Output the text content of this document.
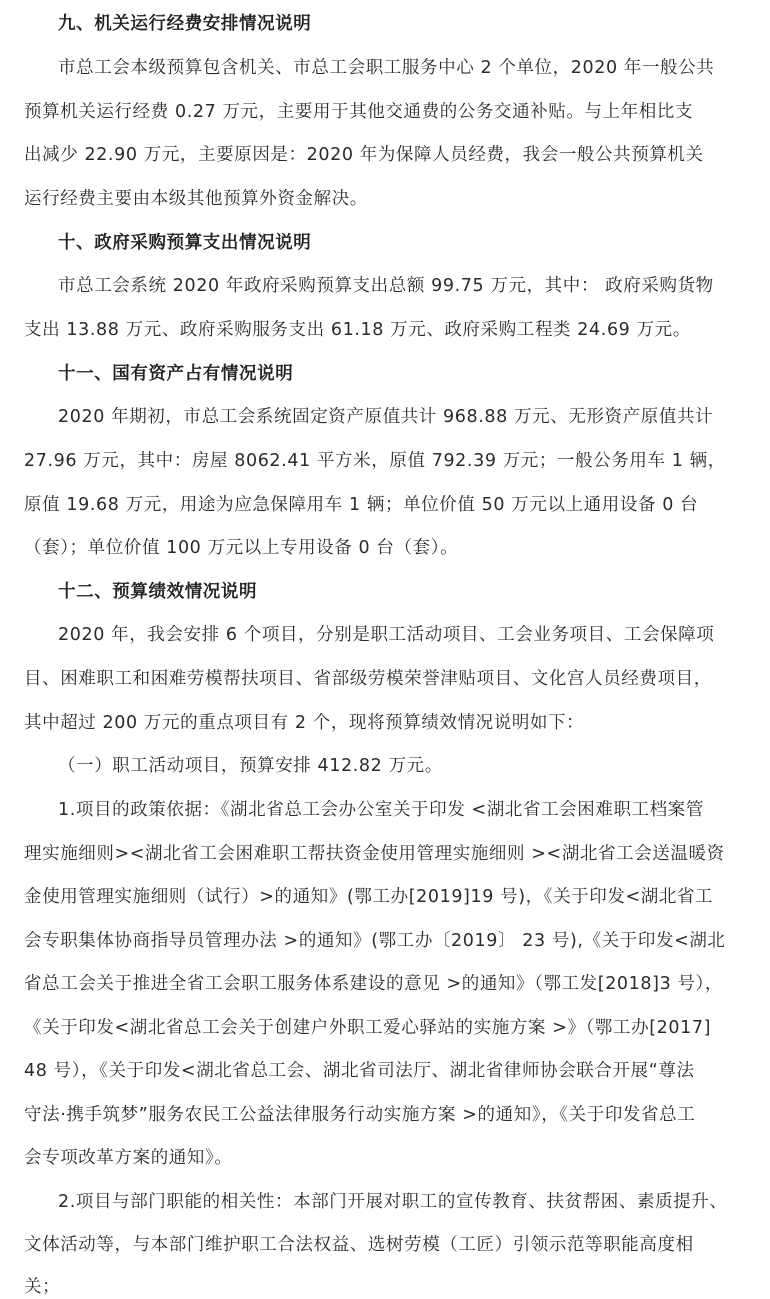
九、机关运行经费安排情况说明
市总工会本级预算包含机关、市总工会职工服务中心 2 个单位，2020 年一般公共
预算机关运行经费 0.27 万元，主要用于其他交通费的公务交通补贴。与上年相比支
出减少 22.90 万元，主要原因是：2020 年为保障人员经费，我会一般公共预算机关
运行经费主要由本级其他预算外资金解决。
十、政府采购预算支出情况说明
市总工会系统 2020 年政府采购预算支出总额 99.75 万元，其中： 政府采购货物
支出 13.88 万元、政府采购服务支出 61.18 万元、政府采购工程类 24.69 万元。
十一、国有资产占有情况说明
2020 年期初，市总工会系统固定资产原值共计 968.88 万元、无形资产原值共计
27.96 万元，其中：房屋 8062.41 平方米，原值 792.39 万元；一般公务用车 1 辆，
原值 19.68 万元，用途为应急保障用车 1 辆；单位价值 50 万元以上通用设备 0 台
（套）；单位价值 100 万元以上专用设备 0 台（套）。
十二、预算绩效情况说明
2020 年，我会安排 6 个项目，分别是职工活动项目、工会业务项目、工会保障项
目、困难职工和困难劳模帮扶项目、省部级劳模荣誉津贴项目、文化宫人员经费项目，
其中超过 200 万元的重点项目有 2 个，现将预算绩效情况说明如下：
（一）职工活动项目，预算安排 412.82 万元。
1.项目的政策依据：《湖北省总工会办公室关于印发 <湖北省工会困难职工档案管
理实施细则><湖北省工会困难职工帮扶资金使用管理实施细则 ><湖北省工会送温暖资
金使用管理实施细则（试行）>的通知》(鄂工办[2019]19 号)，《关于印发<湖北省工
会专职集体协商指导员管理办法 >的通知》(鄂工办〔2019〕 23 号),《关于印发<湖北
省总工会关于推进全省工会职工服务体系建设的意见 >的通知》（鄂工发[2018]3 号），
《关于印发<湖北省总工会关于创建户外职工爱心驿站的实施方案 >》（鄂工办[2017]
48 号），《关于印发<湖北省总工会、湖北省司法厅、湖北省律师协会联合开展“尊法
守法·携手筑梦”服务农民工公益法律服务行动实施方案 >的通知》，《关于印发省总工
会专项改革方案的通知》。
2.项目与部门职能的相关性：本部门开展对职工的宣传教育、扶贫帮困、素质提升、
文体活动等，与本部门维护职工合法权益、选树劳模（工匠）引领示范等职能高度相
关；
